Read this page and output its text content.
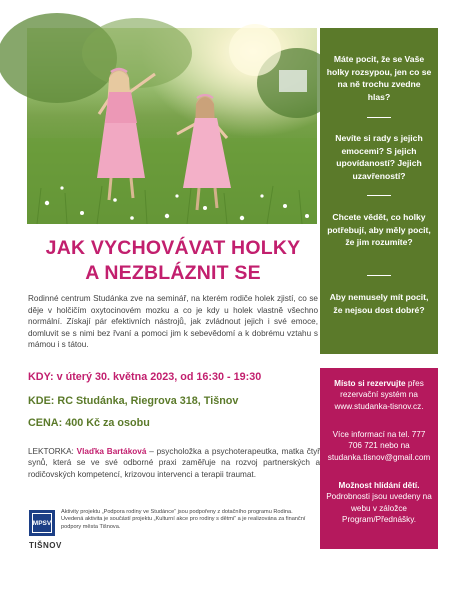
Studánka
Máte pocit, že se Vaše holky rozsypou, jen co se na ně trochu zvedne hlas?
Nevíte si rady s jejich emocemi? S jejich upovídaností? Jejich uzavřeností?
Chcete vědět, co holky potřebují, aby měly pocit, že jim rozumíte?
Aby nemusely mít pocit, že nejsou dost dobré?
JAK VYCHOVÁVAT HOLKY
A NEZBLÁZNIT SE
Rodinné centrum Studánka zve na seminář, na kterém rodiče holek zjistí, co se děje v holčičím oxytocinovém mozku a co je kdy u holek vlastně všechno normální. Získají pár efektivních nástrojů, jak zvládnout jejich i své emoce, domluvit se s nimi bez řvaní a pomoci jim k sebevědomí a k dobrému vztahu s mámou i s tátou.
KDY: v úterý 30. května 2023, od 16:30 - 19:30
KDE: RC Studánka, Riegrova 318, Tišnov
CENA: 400 Kč za osobu
LEKTORKA: Vlaďka Bartáková – psycholožka a psychoterapeutka, matka čtyř synů, která se ve své odborné praxi zaměřuje na rozvoj partnerských a rodičovských kompetencí, krizovou intervenci a terapii traumat.
MPSV
Aktivity projektu „Podpora rodiny ve Studánce“ jsou podpořeny z dotačního programu Rodina. Uvedená aktivita je součástí projektu „Kulturní akce pro rodiny s dětmi“ a je realizována za finanční podpory města Tišnova.
TIŠNOV
Místo si rezervujte přes rezervační systém na www.studanka-tisnov.cz.
Více informací na tel. 777 706 721 nebo na studanka.tisnov@gmail.com
Možnost hlídání dětí. Podrobnosti jsou uvedeny na webu v záložce Program/Přednášky.
